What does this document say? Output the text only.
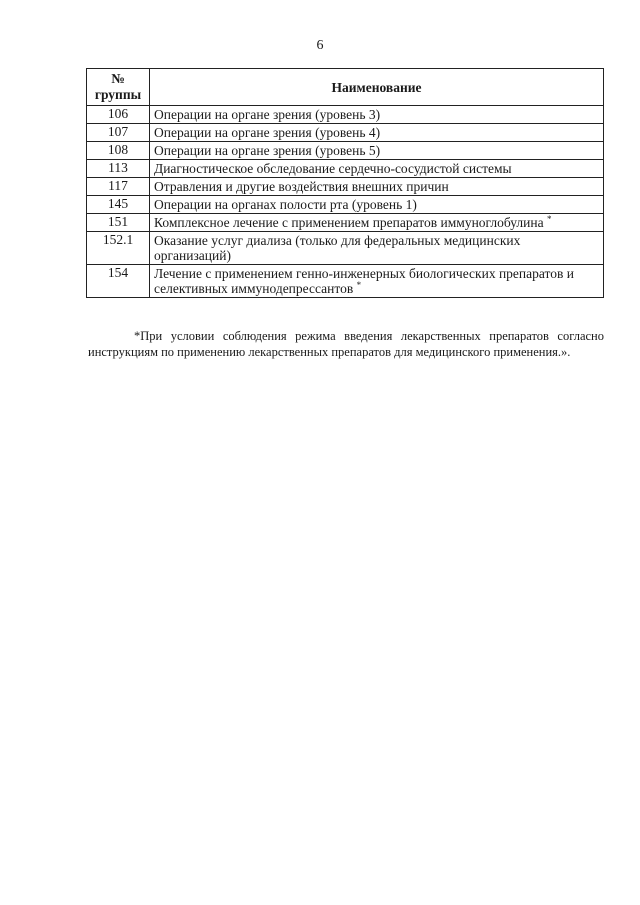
6
№
группы	Наименование
106	Операции на органе зрения (уровень 3)
107	Операции на органе зрения (уровень 4)
108	Операции на органе зрения (уровень 5)
113	Диагностическое обследование сердечно-сосудистой системы
117	Отравления и другие воздействия внешних причин
145	Операции на органах полости рта (уровень 1)
151	Комплексное лечение с применением препаратов иммуноглобулина *
152.1	Оказание услуг диализа (только для федеральных медицинских организаций)
154	Лечение с применением генно-инженерных биологических препаратов и селективных иммунодепрессантов *
*При условии соблюдения режима введения лекарственных препаратов согласно инструкциям по применению лекарственных препаратов для медицинского применения.».
